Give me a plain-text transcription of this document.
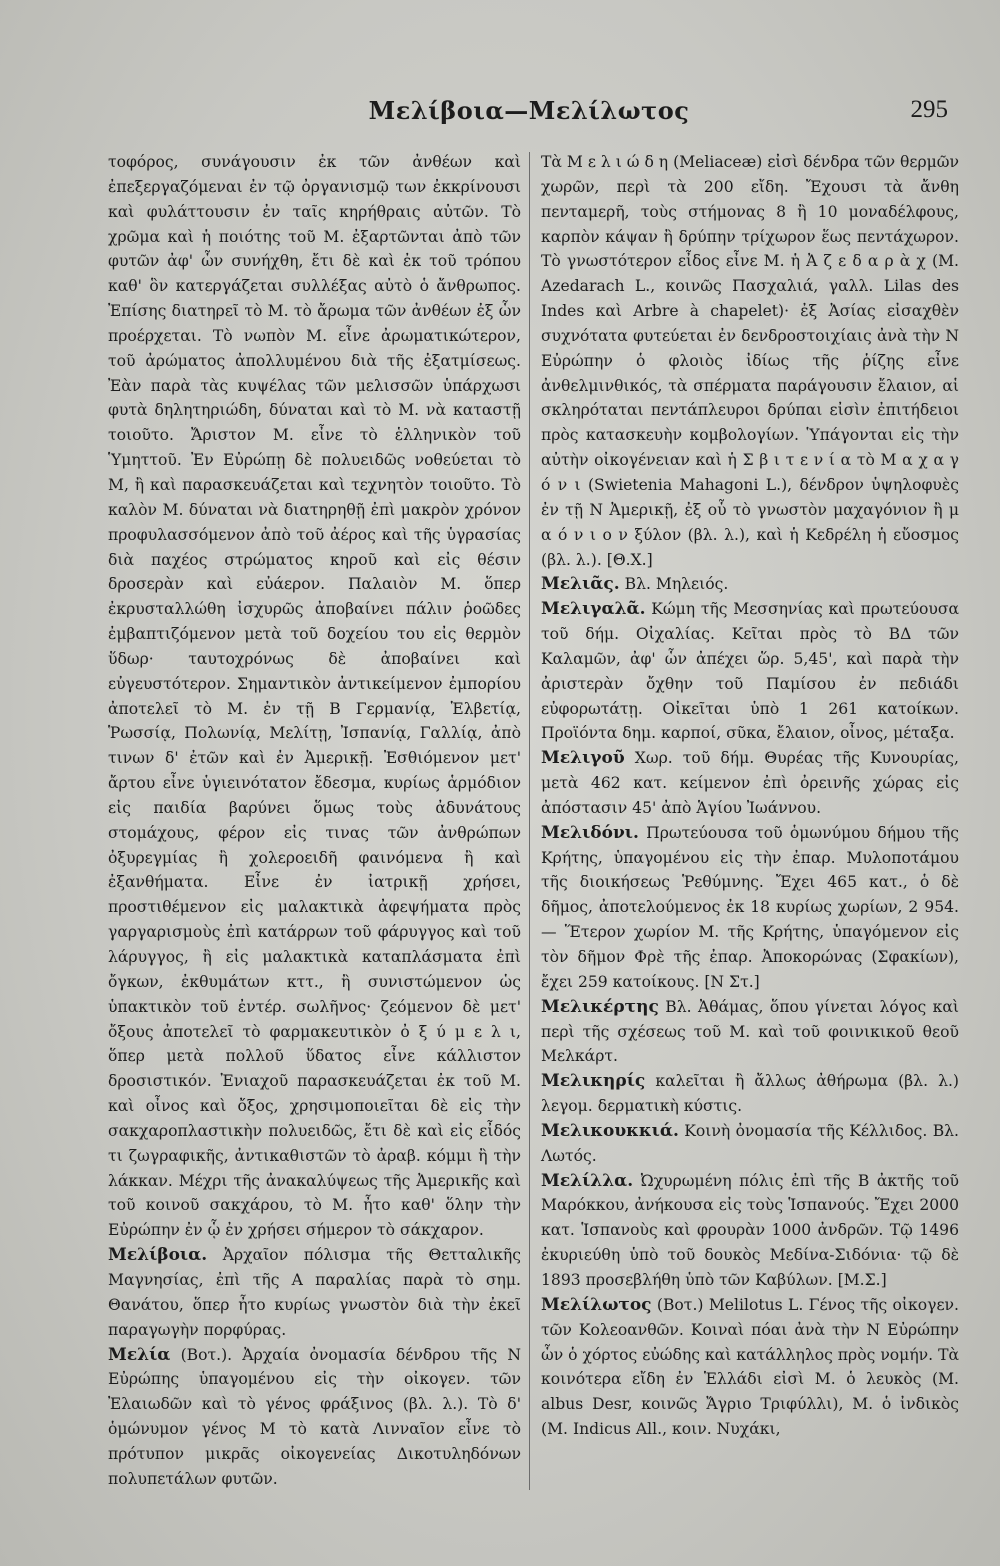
Μελίβοια—Μελίλωτος	295

τοφόρος, συνάγουσιν ἐκ τῶν ἀνθέων καὶ ἐπεξεργαζόμεναι ἐν τῷ ὀργανισμῷ των ἐκκρίνουσι καὶ φυλάττουσιν ἐν ταῖς κηρήθραις αὐτῶν. Τὸ χρῶμα καὶ ἡ ποιότης τοῦ Μ. ἐξαρτῶνται ἀπὸ τῶν φυτῶν ἀφ' ὧν συνήχθη, ἔτι δὲ καὶ ἐκ τοῦ τρόπου καθ' ὃν κατεργάζεται συλλέξας αὐτὸ ὁ ἄνθρωπος. Ἐπίσης διατηρεῖ τὸ Μ. τὸ ἄρωμα τῶν ἀνθέων ἐξ ὧν προέρχεται. Τὸ νωπὸν Μ. εἶνε ἀρωματικώτερον, τοῦ ἀρώματος ἀπολλυμένου διὰ τῆς ἐξατμίσεως. Ἐὰν παρὰ τὰς κυψέλας τῶν μελισσῶν ὑπάρχωσι φυτὰ δηλητηριώδη, δύναται καὶ τὸ Μ. νὰ καταστῇ τοιοῦτο. Ἄριστον Μ. εἶνε τὸ ἑλληνικὸν τοῦ Ὑμηττοῦ. Ἐν Εὐρώπῃ δὲ πολυειδῶς νοθεύεται τὸ Μ, ἢ καὶ παρασκευάζεται καὶ τεχνητὸν τοιοῦτο. Τὸ καλὸν Μ. δύναται νὰ διατηρηθῇ ἐπὶ μακρὸν χρόνον προφυλασσόμενον ἀπὸ τοῦ ἀέρος καὶ τῆς ὑγρασίας διὰ παχέος στρώματος κηροῦ καὶ εἰς θέσιν δροσερὰν καὶ εὐάερον. Παλαιὸν Μ. ὅπερ ἐκρυσταλλώθη ἰσχυρῶς ἀποβαίνει πάλιν ῥοῶδες ἐμβαπτιζόμενον μετὰ τοῦ δοχείου του εἰς θερμὸν ὕδωρ· ταυτοχρόνως δὲ ἀποβαίνει καὶ εὐγευστότερον. Σημαντικὸν ἀντικείμενον ἐμπορίου ἀποτελεῖ τὸ Μ. ἐν τῇ Β Γερμανίᾳ, Ἑλβετίᾳ, Ῥωσσίᾳ, Πολωνίᾳ, Μελίτῃ, Ἰσπανίᾳ, Γαλλίᾳ, ἀπὸ τινων δ' ἐτῶν καὶ ἐν Ἀμερικῇ. Ἐσθιόμενον μετ' ἄρτου εἶνε ὑγιεινότατον ἔδεσμα, κυρίως ἁρμόδιον εἰς παιδία βαρύνει ὅμως τοὺς ἀδυνάτους στομάχους, φέρον εἰς τινας τῶν ἀνθρώπων ὀξυρεγμίας ἢ χολεροειδῆ φαινόμενα ἢ καὶ ἐξανθήματα. Εἶνε ἐν ἰατρικῇ χρήσει, προστιθέμενον εἰς μαλακτικὰ ἀφεψήματα πρὸς γαργαρισμοὺς ἐπὶ κατάρρων τοῦ φάρυγγος καὶ τοῦ λάρυγγος, ἢ εἰς μαλακτικὰ καταπλάσματα ἐπὶ ὄγκων, ἐκθυμάτων κττ., ἢ συνιστώμενον ὡς ὑπακτικὸν τοῦ ἐντέρ. σωλῆνος· ζεόμενον δὲ μετ' ὄξους ἀποτελεῖ τὸ φαρμακευτικὸν ὀ ξ ύ μ ε λ ι, ὅπερ μετὰ πολλοῦ ὕδατος εἶνε κάλλιστον δροσιστικόν. Ἐνιαχοῦ παρασκευάζεται ἐκ τοῦ Μ. καὶ οἶνος καὶ ὄξος, χρησιμοποιεῖται δὲ εἰς τὴν σακχαροπλαστικὴν πολυειδῶς, ἔτι δὲ καὶ εἰς εἶδός τι ζωγραφικῆς, ἀντικαθιστῶν τὸ ἀραβ. κόμμι ἢ τὴν λάκκαν. Μέχρι τῆς ἀνακαλύψεως τῆς Ἀμερικῆς καὶ τοῦ κοινοῦ σακχάρου, τὸ Μ. ἦτο καθ' ὅλην τὴν Εὐρώπην ἐν ᾧ ἐν χρήσει σήμερον τὸ σάκχαρον.

Μελίβοια. Ἀρχαῖον πόλισμα τῆς Θετταλικῆς Μαγνησίας, ἐπὶ τῆς Α παραλίας παρὰ τὸ σημ. Θανάτου, ὅπερ ἦτο κυρίως γνωστὸν διὰ τὴν ἐκεῖ παραγωγὴν πορφύρας.

Μελία (Βοτ.). Ἀρχαία ὀνομασία δένδρου τῆς Ν Εὐρώπης ὑπαγομένου εἰς τὴν οἰκογεν. τῶν Ἐλαιωδῶν καὶ τὸ γένος φράξινος (βλ. λ.). Τὸ δ' ὁμώνυμον γένος Μ τὸ κατὰ Λινναῖον εἶνε τὸ πρότυπον μικρᾶς οἰκογενείας Δικοτυληδόνων πολυπετάλων φυτῶν.

Τὰ Μ ε λ ι ώ δ η (Meliaceæ) εἰσὶ δένδρα τῶν θερμῶν χωρῶν, περὶ τὰ 200 εἴδη. Ἔχουσι τὰ ἄνθη πενταμερῆ, τοὺς στήμονας 8 ἢ 10 μοναδέλφους, καρπὸν κάψαν ἢ δρύπην τρίχωρον ἕως πεντάχωρον. Τὸ γνωστότερον εἶδος εἶνε Μ. ἡ Ἀ ζ ε δ α ρ ὰ χ (M. Azedarach L., κοινῶς Πασχαλιά, γαλλ. Lilas des Indes καὶ Arbre à chapelet)· ἐξ Ἀσίας εἰσαχθὲν συχνότατα φυτεύεται ἐν δενδροστοιχίαις ἀνὰ τὴν Ν Εὐρώπην ὁ φλοιὸς ἰδίως τῆς ῥίζης εἶνε ἀνθελμινθικός, τὰ σπέρματα παράγουσιν ἔλαιον, αἱ σκληρόταται πεντάπλευροι δρύπαι εἰσὶν ἐπιτήδειοι πρὸς κατασκευὴν κομβολογίων. Ὑπάγονται εἰς τὴν αὐτὴν οἰκογένειαν καὶ ἡ Σ β ι τ ε ν ί α τὸ Μ α χ α γ ό ν ι (Swietenia Mahagoni L.), δένδρον ὑψηλοφυὲς ἐν τῇ Ν Ἀμερικῇ, ἐξ οὗ τὸ γνωστὸν μαχαγόνιον ἢ μ α ό ν ι ο ν ξύλον (βλ. λ.), καὶ ἡ Κεδρέλη ἡ εὔοσμος (βλ. λ.). [Θ.Χ.]

Μελιᾶς. Βλ. Μηλειός.

Μελιγαλᾶ. Κώμη τῆς Μεσσηνίας καὶ πρωτεύουσα τοῦ δήμ. Οἰχαλίας. Κεῖται πρὸς τὸ ΒΔ τῶν Καλαμῶν, ἀφ' ὧν ἀπέχει ὥρ. 5,45', καὶ παρὰ τὴν ἀριστερὰν ὄχθην τοῦ Παμίσου ἐν πεδιάδι εὐφορωτάτῃ. Οἰκεῖται ὑπὸ 1 261 κατοίκων. Προϊόντα δημ. καρποί, σῦκα, ἔλαιον, οἶνος, μέταξα.

Μελιγοῦ Χωρ. τοῦ δήμ. Θυρέας τῆς Κυνουρίας, μετὰ 462 κατ. κείμενον ἐπὶ ὀρεινῆς χώρας εἰς ἀπόστασιν 45' ἀπὸ Ἁγίου Ἰωάννου.

Μελιδόνι. Πρωτεύουσα τοῦ ὁμωνύμου δήμου τῆς Κρήτης, ὑπαγομένου εἰς τὴν ἐπαρ. Μυλοποτάμου τῆς διοικήσεως Ῥεθύμνης. Ἔχει 465 κατ., ὁ δὲ δῆμος, ἀποτελούμενος ἐκ 18 κυρίως χωρίων, 2 954. — Ἕτερον χωρίον Μ. τῆς Κρήτης, ὑπαγόμενον εἰς τὸν δῆμον Φρὲ τῆς ἐπαρ. Ἀποκορώνας (Σφακίων), ἔχει 259 κατοίκους. [Ν Στ.]

Μελικέρτης Βλ. Ἀθάμας, ὅπου γίνεται λόγος καὶ περὶ τῆς σχέσεως τοῦ Μ. καὶ τοῦ φοινικικοῦ θεοῦ Μελκάρτ.

Μελικηρίς καλεῖται ἢ ἄλλως ἀθήρωμα (βλ. λ.) λεγομ. δερματικὴ κύστις.

Μελικουκκιά. Κοινὴ ὀνομασία τῆς Κέλλιδος. Βλ. Λωτός.

Μελίλλα. Ὠχυρωμένη πόλις ἐπὶ τῆς Β ἀκτῆς τοῦ Μαρόκκου, ἀνήκουσα εἰς τοὺς Ἱσπανούς. Ἔχει 2000 κατ. Ἱσπανοὺς καὶ φρουρὰν 1000 ἀνδρῶν. Τῷ 1496 ἐκυριεύθη ὑπὸ τοῦ δουκὸς Μεδίνα-Σιδόνια· τῷ δὲ 1893 προσεβλήθη ὑπὸ τῶν Καβύλων. [Μ.Σ.]

Μελίλωτος (Βοτ.) Melilotus L. Γένος τῆς οἰκογεν. τῶν Κολεοανθῶν. Κοιναὶ πόαι ἀνὰ τὴν Ν Εὐρώπην ὧν ὁ χόρτος εὐώδης καὶ κατάλληλος πρὸς νομήν. Τὰ κοινότερα εἴδη ἐν Ἑλλάδι εἰσὶ Μ. ὁ λευκὸς (M. albus Desr, κοινῶς Ἄγριο Τριφύλλι), Μ. ὁ ἰνδικὸς (M. Indicus All., κοιν. Νυχάκι,
